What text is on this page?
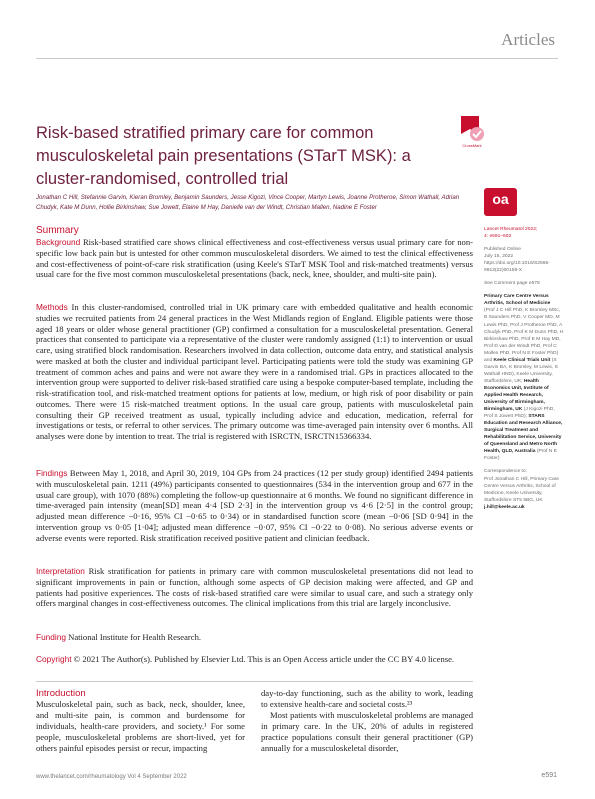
Articles
Risk-based stratified primary care for common musculoskeletal pain presentations (STarT MSK): a cluster-randomised, controlled trial
CrossMark

Jonathan C Hill, Stefannie Garvin, Kieran Bromley, Benjamin Saunders, Jesse Kigozi, Vince Cooper, Martyn Lewis, Joanne Protheroe, Simon Wathall, Adrian Chudyk, Kate M Dunn, Hollie Birkinshaw, Sue Jowett, Elaine M Hay, Danielle van der Windt, Christian Mallen, Nadine E Foster

oa
Summary

Background Risk-based stratified care shows clinical effectiveness and cost-effectiveness versus usual primary care for non-specific low back pain but is untested for other common musculoskeletal disorders. We aimed to test the clinical effectiveness and cost-effectiveness of point-of-care risk stratification (using Keele's STarT MSK Tool and risk-matched treatments) versus usual care for the five most common musculoskeletal presentations (back, neck, knee, shoulder, and multi-site pain).

Methods In this cluster-randomised, controlled trial in UK primary care with embedded qualitative and health economic studies we recruited patients from 24 general practices in the West Midlands region of England. Eligible patients were those aged 18 years or older whose general practitioner (GP) confirmed a consultation for a musculoskeletal presentation. General practices that consented to participate via a representative of the cluster were randomly assigned (1:1) to intervention or usual care, using stratified block randomisation. Researchers involved in data collection, outcome data entry, and statistical analysis were masked at both the cluster and individual participant level. Participating patients were told the study was examining GP treatment of common aches and pains and were not aware they were in a randomised trial. GPs in practices allocated to the intervention group were supported to deliver risk-based stratified care using a bespoke computer-based template, including the risk-stratification tool, and risk-matched treatment options for patients at low, medium, or high risk of poor disability or pain outcomes. There were 15 risk-matched treatment options. In the usual care group, patients with musculoskeletal pain consulting their GP received treatment as usual, typically including advice and education, medication, referral for investigations or tests, or referral to other services. The primary outcome was time-averaged pain intensity over 6 months. All analyses were done by intention to treat. The trial is registered with ISRCTN, ISRCTN15366334.

Findings Between May 1, 2018, and April 30, 2019, 104 GPs from 24 practices (12 per study group) identified 2494 patients with musculoskeletal pain. 1211 (49%) participants consented to questionnaires (534 in the intervention group and 677 in the usual care group), with 1070 (88%) completing the follow-up questionnaire at 6 months. We found no significant difference in time-averaged pain intensity (mean[SD] mean 4·4 [SD 2·3] in the intervention group vs 4·6 [2·5] in the control group; adjusted mean difference −0·16, 95% CI −0·65 to 0·34) or in standardised function score (mean −0·06 [SD 0·94] in the intervention group vs 0·05 [1·04]; adjusted mean difference −0·07, 95% CI −0·22 to 0·08). No serious adverse events or adverse events were reported. Risk stratification received positive patient and clinician feedback.

Interpretation Risk stratification for patients in primary care with common musculoskeletal presentations did not lead to significant improvements in pain or function, although some aspects of GP decision making were affected, and GP and patients had positive experiences. The costs of risk-based stratified care were similar to usual care, and such a strategy only offers marginal changes in cost-effectiveness outcomes. The clinical implications from this trial are largely inconclusive.

Funding National Institute for Health Research.

Copyright © 2021 The Author(s). Published by Elsevier Ltd. This is an Open Access article under the CC BY 4.0 license.

Introduction

Musculoskeletal pain, such as back, neck, shoulder, knee, and multi-site pain, is common and burdensome for individuals, health-care providers, and society.¹ For some people, musculoskeletal problems are short-lived, yet for others painful episodes persist or recur, impacting

day-to-day functioning, such as the ability to work, leading to extensive health-care and societal costs.²³
Most patients with musculoskeletal problems are managed in primary care. In the UK, 20% of adults in registered practice populations consult their general practitioner (GP) annually for a musculoskeletal disorder,

Lancet Rheumatol 2022;

4: e591–602

Published Online

July 15, 2022

https://doi.org/10.1016/S2665-9913(22)00159-X

See Comment page e578

Primary Care Centre Versus Arthritis, School of Medicine
(Prof J C Hill PhD, K Bromley MSc, B Saunders PhD, V Cooper MD, M Lewis PhD, Prof J Protheroe PhD, A Chudyk PhD, Prof K M Dunn PhD, H Birkinshaw PhD, Prof E M Hay MD, Prof D van der Windt PhD, Prof C Mallen PhD, Prof N E Foster PhD) and Keele Clinical Trials Unit (S Garvin BA, K Bromley, M Lewis, S Wathall HND), Keele University, Staffordshire, UK; Health Economics Unit, Institute of Applied Health Research, University of Birmingham, Birmingham, UK (J Kigozi PhD, Prof S Jowett PhD); STARS Education and Research Alliance, Surgical Treatment and Rehabilitation Service, University of Queensland and Metro North Health, QLD, Australia (Prof N E Foster)

Correspondence to:

Prof Jonathan C Hill, Primary Care Centre Versus Arthritis, School of Medicine, Keele University, Staffordshire ST5 5BG, UK

j.hill@keele.ac.uk

www.thelancet.com/rheumatology Vol 4 September 2022	e591
